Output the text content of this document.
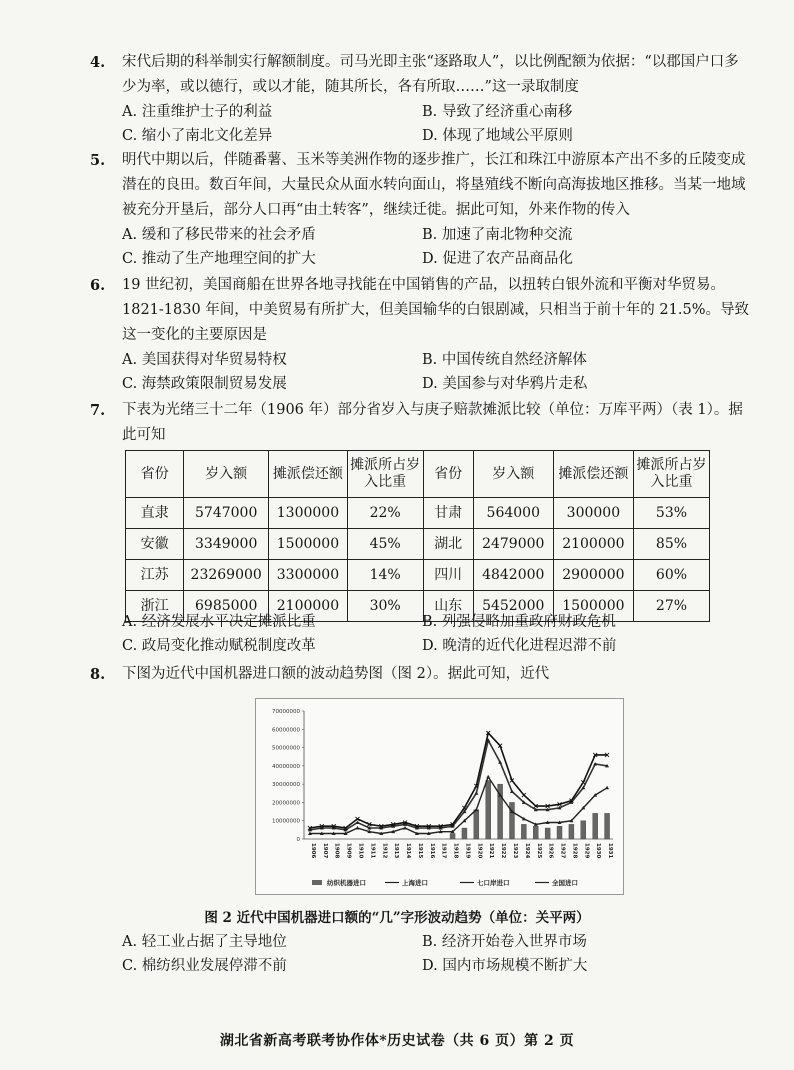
4. 宋代后期的科举制实行解额制度。司马光即主张“逐路取人”，以比例配额为依据：“以郡国户口多少为率，或以德行，或以才能，随其所长，各有所取……”这一录取制度
A. 注重维护士子的利益	B. 导致了经济重心南移
C. 缩小了南北文化差异	D. 体现了地域公平原则
5. 明代中期以后，伴随番薯、玉米等美洲作物的逐步推广，长江和珠江中游原本产出不多的丘陵变成潜在的良田。数百年间，大量民众从面水转向面山，将垦殖线不断向高海拔地区推移。当某一地域被充分开垦后，部分人口再“由土转客”，继续迁徙。据此可知，外来作物的传入
A. 缓和了移民带来的社会矛盾	B. 加速了南北物种交流
C. 推动了生产地理空间的扩大	D. 促进了农产品商品化
6. 19 世纪初，美国商船在世界各地寻找能在中国销售的产品，以扭转白银外流和平衡对华贸易。1821-1830 年间，中美贸易有所扩大，但美国输华的白银剧减，只相当于前十年的 21.5%。导致这一变化的主要原因是
A. 美国获得对华贸易特权	B. 中国传统自然经济解体
C. 海禁政策限制贸易发展	D. 美国参与对华鸦片走私
7. 下表为光绪三十二年（1906 年）部分省岁入与庚子赔款摊派比较（单位：万库平两）（表 1）。据此可知
省份	岁入额	摊派偿还额	摊派所占岁入比重	省份	岁入额	摊派偿还额	摊派所占岁入比重
直隶	5747000	1300000	22%	甘肃	564000	300000	53%
安徽	3349000	1500000	45%	湖北	2479000	2100000	85%
江苏	23269000	3300000	14%	四川	4842000	2900000	60%
浙江	6985000	2100000	30%	山东	5452000	1500000	27%
A. 经济发展水平决定摊派比重	B. 列强侵略加重政府财政危机
C. 政局变化推动赋税制度改革	D. 晚清的近代化进程迟滞不前
8. 下图为近代中国机器进口额的波动趋势图（图 2）。据此可知，近代
70000000
60000000
50000000
40000000
30000000
20000000
10000000
0
1906 1907 1908 1909 1910 1911 1912 1913 1914 1915 1916 1917 1918 1919 1920 1921 1922 1923 1924 1925 1926 1927 1928 1929 1930 1931
纺织机器进口	上海进口	七口岸进口	全国进口
图 2 近代中国机器进口额的“几”字形波动趋势（单位：关平两）
A. 轻工业占据了主导地位	B. 经济开始卷入世界市场
C. 棉纺织业发展停滞不前	D. 国内市场规模不断扩大
湖北省新高考联考协作体*历史试卷（共 6 页）第 2 页
